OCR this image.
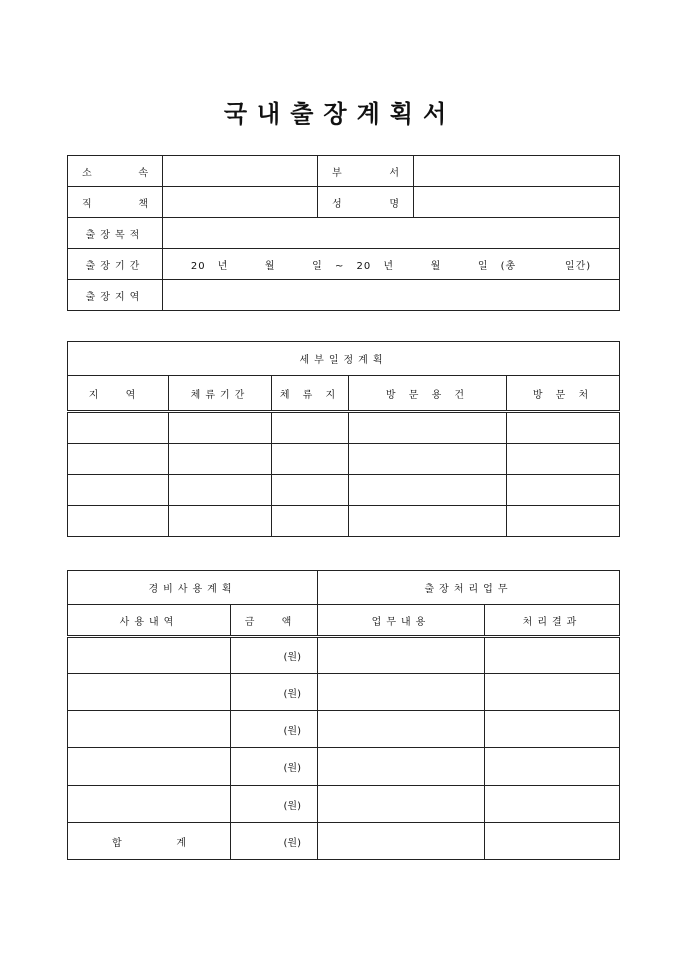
국내출장계획서
소 속		부 서	

직 책		성 명	

출장목적			
출장기간	20 년   월   일 ~ 20 년   월   일 (총    일간)		
출장지역			
세부일정계획				
지 역	체류기간	체 류 지	방 문 용 건	방 문 처

경비사용계획		출장처리업무	
사용내역	금 액	업무내용	처리결과
	(원)		
	(원)		
	(원)		
	(원)		
	(원)		

합 계	(원)		
